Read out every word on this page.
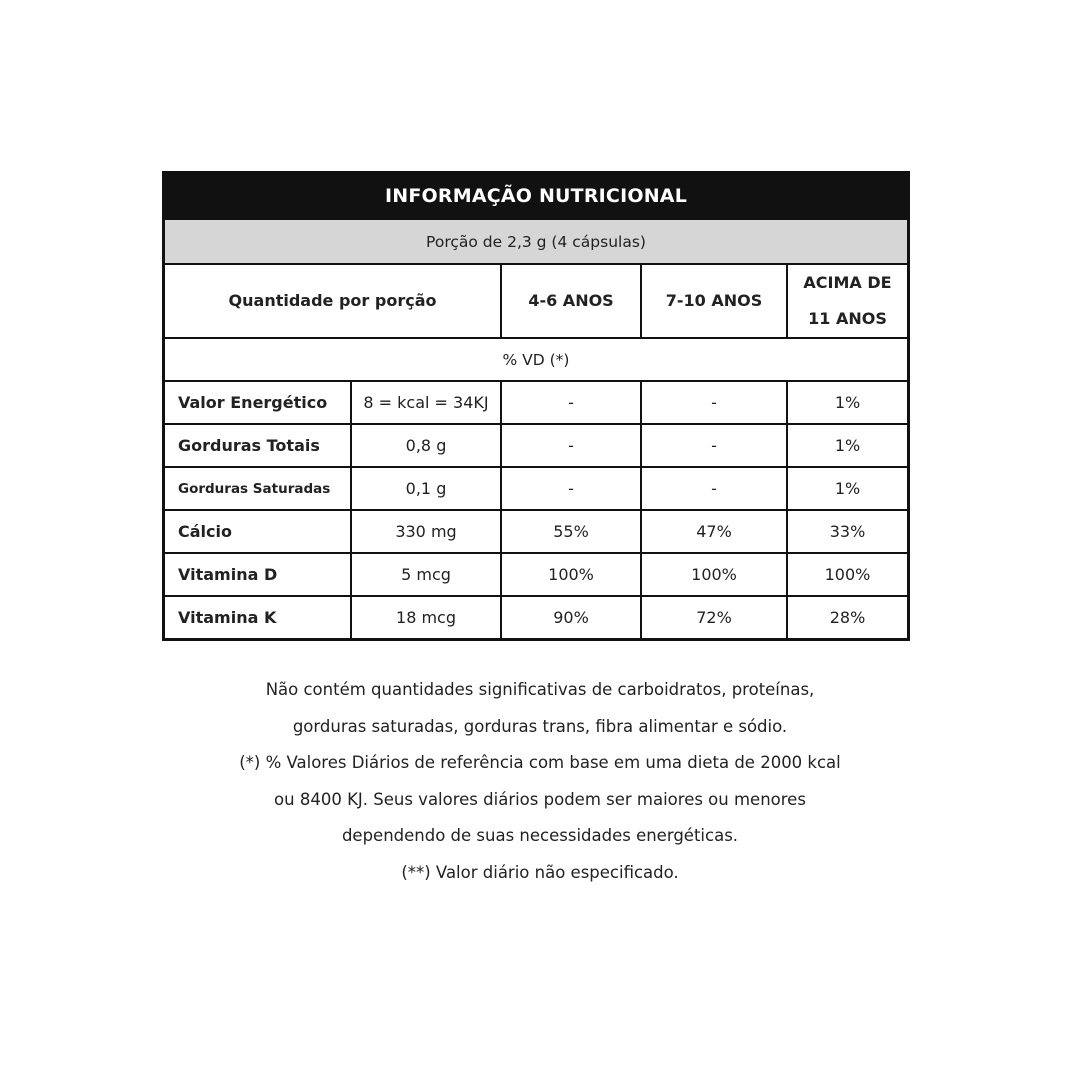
INFORMAÇÃO NUTRICIONAL
Porção de 2,3 g (4 cápsulas)
Quantidade por porção		4-6 ANOS	7-10 ANOS	ACIMA DE 11 ANOS
% VD (*)				
Valor Energético	8 = kcal = 34KJ	-	-	1%
Gorduras Totais	0,8 g	-	-	1%
Gorduras Saturadas	0,1 g	-	-	1%
Cálcio	330 mg	55%	47%	33%
Vitamina D	5 mcg	100%	100%	100%
Vitamina K	18 mcg	90%	72%	28%

Não contém quantidades significativas de carboidratos, proteínas,

gorduras saturadas, gorduras trans, fibra alimentar e sódio.

(*) % Valores Diários de referência com base em uma dieta de 2000 kcal

ou 8400 KJ. Seus valores diários podem ser maiores ou menores

dependendo de suas necessidades energéticas.

(**) Valor diário não especificado.
